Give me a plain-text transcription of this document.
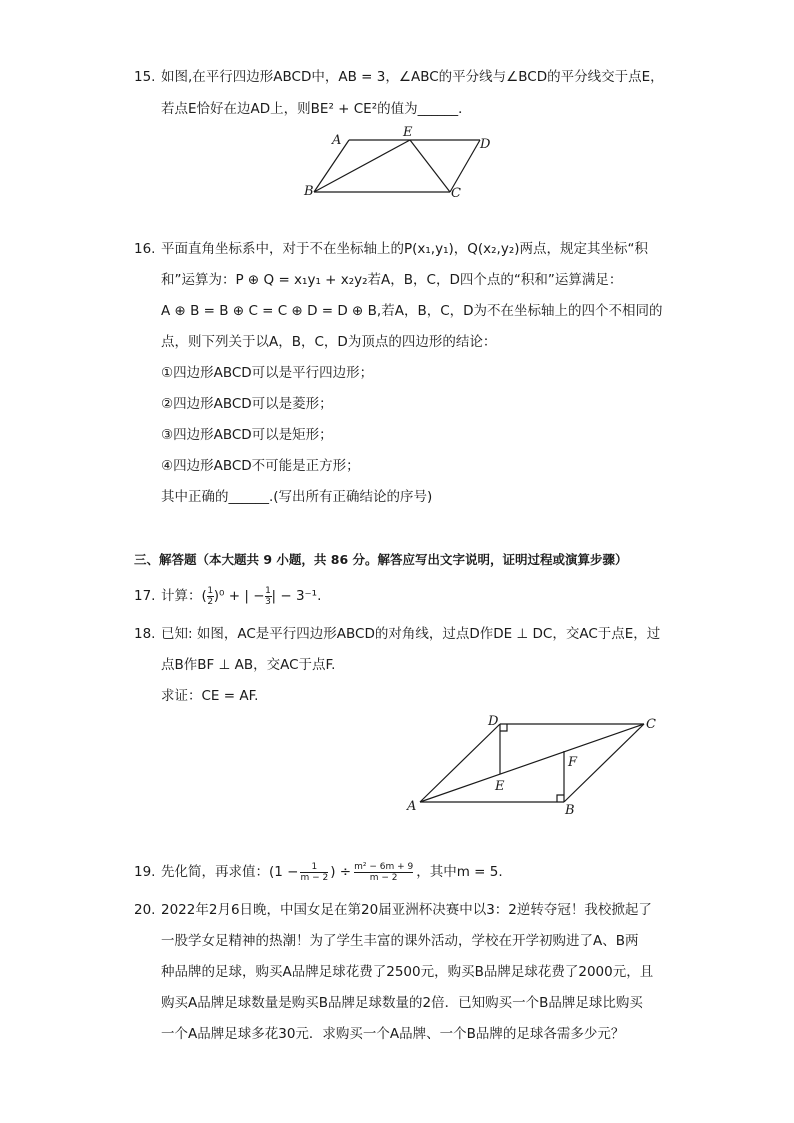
15. 如图,在平行四边形ABCD中，AB = 3，∠ABC的平分线与∠BCD的平分线交于点E，
若点E恰好在边AD上，则BE² + CE²的值为______．
A
E
D
B	C
16. 平面直角坐标系中，对于不在坐标轴上的P(x₁,y₁)，Q(x₂,y₂)两点，规定其坐标“积
和”运算为：P ⊕ Q = x₁y₁ + x₂y₂若A，B，C，D四个点的“积和”运算满足：
A ⊕ B = B ⊕ C = C ⊕ D = D ⊕ B,若A，B，C，D为不在坐标轴上的四个不相同的
点，则下列关于以A，B，C，D为顶点的四边形的结论：
①四边形ABCD可以是平行四边形；
②四边形ABCD可以是菱形；
③四边形ABCD可以是矩形；
④四边形ABCD不可能是正方形；
其中正确的______.(写出所有正确结论的序号)
三、解答题（本大题共 9 小题，共 86 分。解答应写出文字说明，证明过程或演算步骤）
17. 计算：( $\frac{1}{2} )^0$ + | − $\frac{1}{3}$ | − 3⁻¹.
18. 已知: 如图，AC是平行四边形ABCD的对角线，过点D作DE ⊥ DC，交AC于点E，过
点B作BF ⊥ AB，交AC于点F.
求证：CE = AF.
D	C
F
E
A	B
19. 先化简，再求值：($1 - \frac{1}{m - 2}$ ) ÷ $\frac{\text{m² − 6m + 9}}{m - 2}$ ，其中m = 5.
20. 2022年2月6日晚，中国女足在第20届亚洲杯决赛中以3：2逆转夺冠！我校掀起了
一股学女足精神的热潮！为了学生丰富的课外活动，学校在开学初购进了A、B两
种品牌的足球，购买A品牌足球花费了2500元，购买B品牌足球花费了2000元，且
购买A品牌足球数量是购买B品牌足球数量的2倍．已知购买一个B品牌足球比购买
一个A品牌足球多花30元．求购买一个A品牌、一个B品牌的足球各需多少元？
